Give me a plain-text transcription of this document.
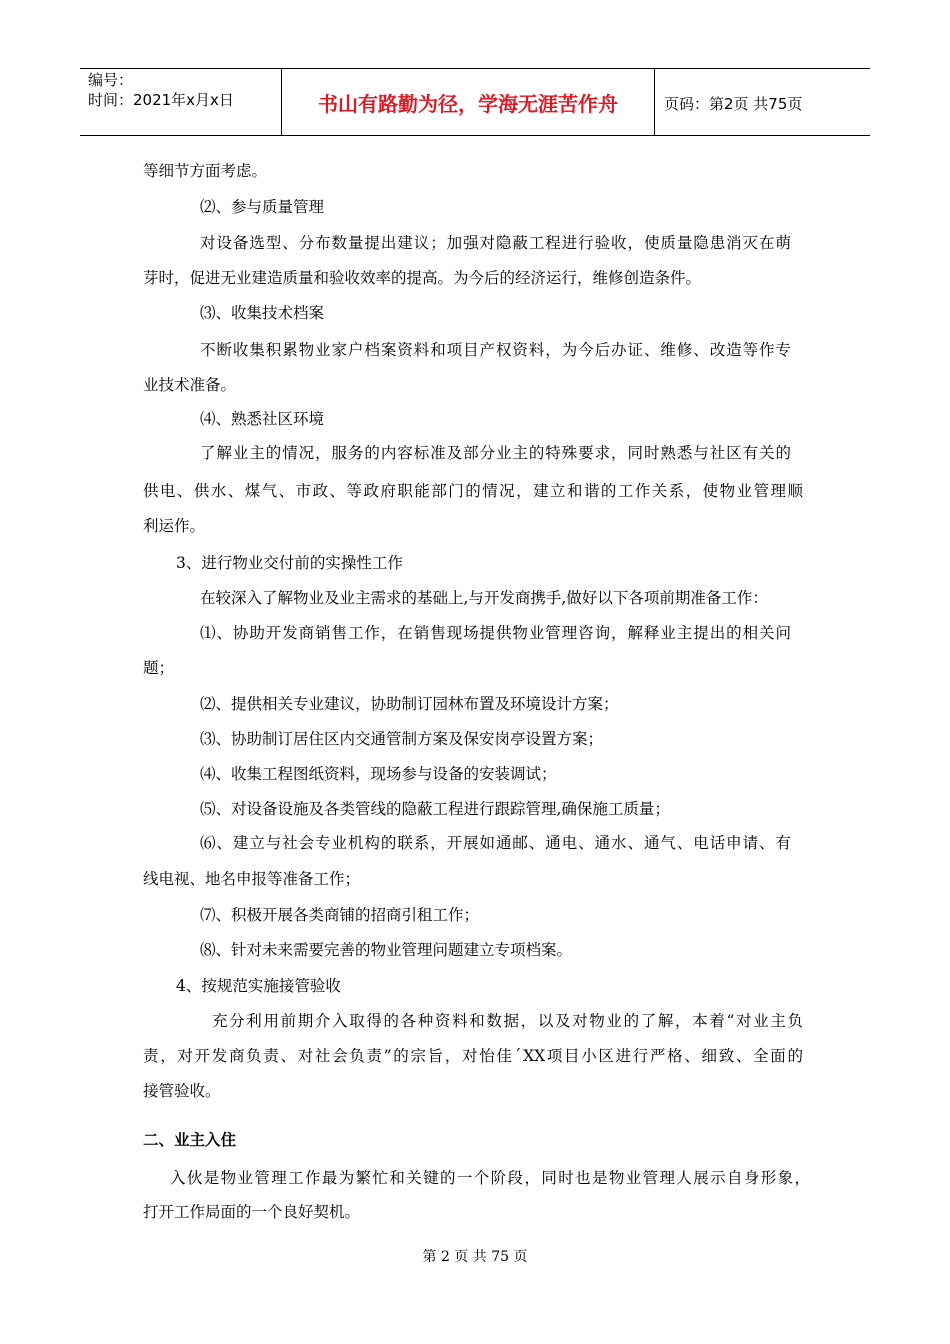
编号：
时间：2021年x月x日	书山有路勤为径，学海无涯苦作舟	页码：第2页 共75页
等细节方面考虑。
⑵、参与质量管理
对设备选型、分布数量提出建议；加强对隐蔽工程进行验收，使质量隐患消灭在萌
芽时，促进无业建造质量和验收效率的提高。为今后的经济运行，维修创造条件。
⑶、收集技术档案
不断收集积累物业家户档案资料和项目产权资料，为今后办证、维修、改造等作专
业技术准备。
⑷、熟悉社区环境
了解业主的情况，服务的内容标准及部分业主的特殊要求，同时熟悉与社区有关的
供电、供水、煤气、市政、等政府职能部门的情况，建立和谐的工作关系，使物业管理顺
利运作。
3、进行物业交付前的实操性工作
在较深入了解物业及业主需求的基础上,与开发商携手,做好以下各项前期准备工作：
⑴、协助开发商销售工作，在销售现场提供物业管理咨询，解释业主提出的相关问
题；
⑵、提供相关专业建议，协助制订园林布置及环境设计方案；
⑶、协助制订居住区内交通管制方案及保安岗亭设置方案；
⑷、收集工程图纸资料，现场参与设备的安装调试；
⑸、对设备设施及各类管线的隐蔽工程进行跟踪管理,确保施工质量；
⑹、建立与社会专业机构的联系，开展如通邮、通电、通水、通气、电话申请、有
线电视、地名申报等准备工作；
⑺、积极开展各类商铺的招商引租工作；
⑻、针对未来需要完善的物业管理问题建立专项档案。
4、按规范实施接管验收
充分利用前期介入取得的各种资料和数据，以及对物业的了解，本着“对业主负
责，对开发商负责、对社会负责”的宗旨，对怡佳ˊXX项目小区进行严格、细致、全面的
接管验收。
二、业主入住
入伙是物业管理工作最为繁忙和关键的一个阶段，同时也是物业管理人展示自身形象，
打开工作局面的一个良好契机。
第 2 页 共 75 页
